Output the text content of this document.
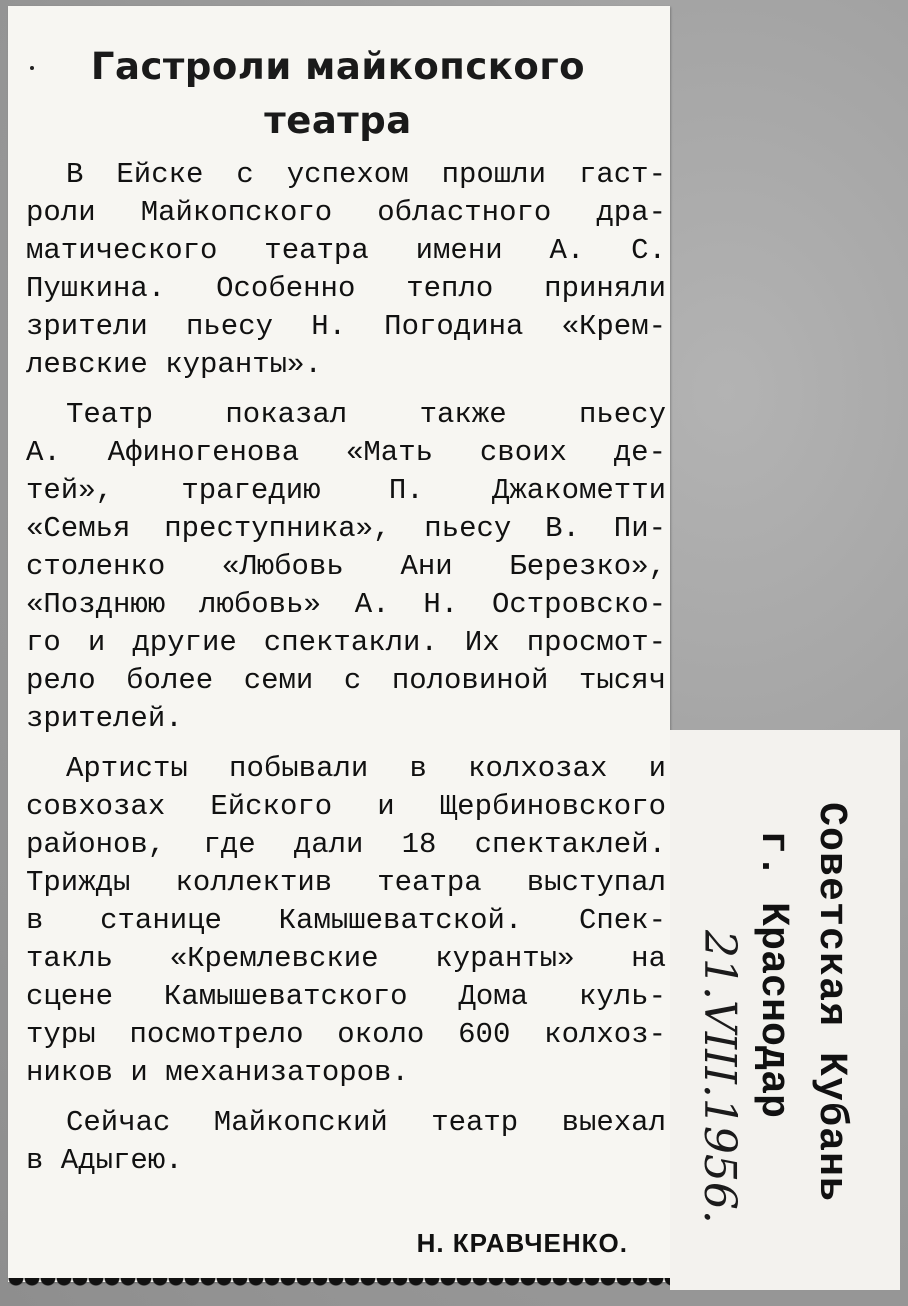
Гастроли майкопского
театра

В Ейске с успехом прошли гаст-
роли Майкопского областного дра-
матического театра имени А. С.
Пушкина. Особенно тепло приняли
зрители пьесу Н. Погодина «Крем-
левские куранты».

Театр показал также пьесу
А. Афиногенова «Мать своих де-
тей», трагедию П. Джакометти
«Семья преступника», пьесу В. Пи-
столенко «Любовь Ани Березко»,
«Позднюю любовь» А. Н. Островско-
го и другие спектакли. Их просмот-
рело более семи с половиной тысяч
зрителей.

Артисты побывали в колхозах и
совхозах Ейского и Щербиновского
районов, где дали 18 спектаклей.
Трижды коллектив театра выступал
в станице Камышеватской. Спек-
такль «Кремлевские куранты» на
сцене Камышеватского Дома куль-
туры посмотрело около 600 колхоз-
ников и механизаторов.

Сейчас Майкопский театр выехал
в Адыгею.

Н. КРАВЧЕНКО.
Советская Кубань
г. Краснодар
21.VIII.1956.
